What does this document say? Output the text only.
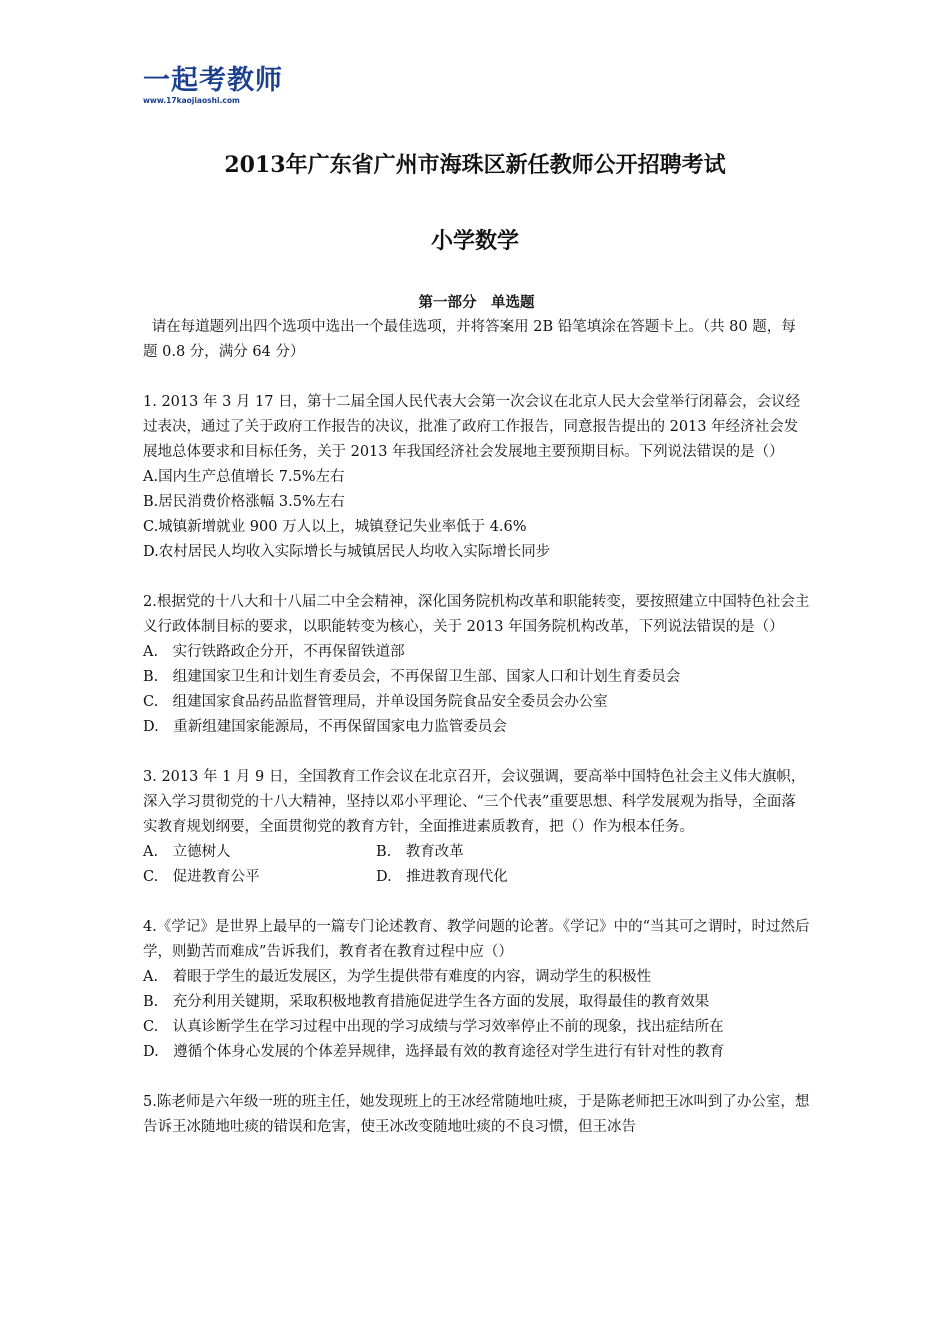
一起考教师
www.17kaojiaoshi.com
2013年广东省广州市海珠区新任教师公开招聘考试
小学数学
第一部分　单选题
请在每道题列出四个选项中选出一个最佳选项，并将答案用 2B 铅笔填涂在答题卡上。（共 80 题，每题 0.8 分，满分 64 分）
1. 2013 年 3 月 17 日，第十二届全国人民代表大会第一次会议在北京人民大会堂举行闭幕会，会议经过表决，通过了关于政府工作报告的决议，批准了政府工作报告，同意报告提出的 2013 年经济社会发展地总体要求和目标任务，关于 2013 年我国经济社会发展地主要预期目标。下列说法错误的是（）
A.国内生产总值增长 7.5%左右
B.居民消费价格涨幅 3.5%左右
C.城镇新增就业 900 万人以上，城镇登记失业率低于 4.6%
D.农村居民人均收入实际增长与城镇居民人均收入实际增长同步
2.根据党的十八大和十八届二中全会精神，深化国务院机构改革和职能转变，要按照建立中国特色社会主义行政体制目标的要求，以职能转变为核心，关于 2013 年国务院机构改革，下列说法错误的是（）
A.　实行铁路政企分开，不再保留铁道部
B.　组建国家卫生和计划生育委员会，不再保留卫生部、国家人口和计划生育委员会
C.　组建国家食品药品监督管理局，并单设国务院食品安全委员会办公室
D.　重新组建国家能源局，不再保留国家电力监管委员会
3. 2013 年 1 月 9 日，全国教育工作会议在北京召开，会议强调，要高举中国特色社会主义伟大旗帜，深入学习贯彻党的十八大精神，坚持以邓小平理论、“三个代表”重要思想、科学发展观为指导，全面落实教育规划纲要，全面贯彻党的教育方针，全面推进素质教育，把（）作为根本任务。
A.　立德树人	B.　教育改革
C.　促进教育公平	D.　推进教育现代化
4.《学记》是世界上最早的一篇专门论述教育、教学问题的论著。《学记》中的“当其可之谓时，时过然后学，则勤苦而难成”告诉我们，教育者在教育过程中应（）
A.　着眼于学生的最近发展区，为学生提供带有难度的内容，调动学生的积极性
B.　充分利用关键期，采取积极地教育措施促进学生各方面的发展，取得最佳的教育效果
C.　认真诊断学生在学习过程中出现的学习成绩与学习效率停止不前的现象，找出症结所在
D.　遵循个体身心发展的个体差异规律，选择最有效的教育途径对学生进行有针对性的教育
5.陈老师是六年级一班的班主任，她发现班上的王冰经常随地吐痰，于是陈老师把王冰叫到了办公室，想告诉王冰随地吐痰的错误和危害，使王冰改变随地吐痰的不良习惯，但王冰告
